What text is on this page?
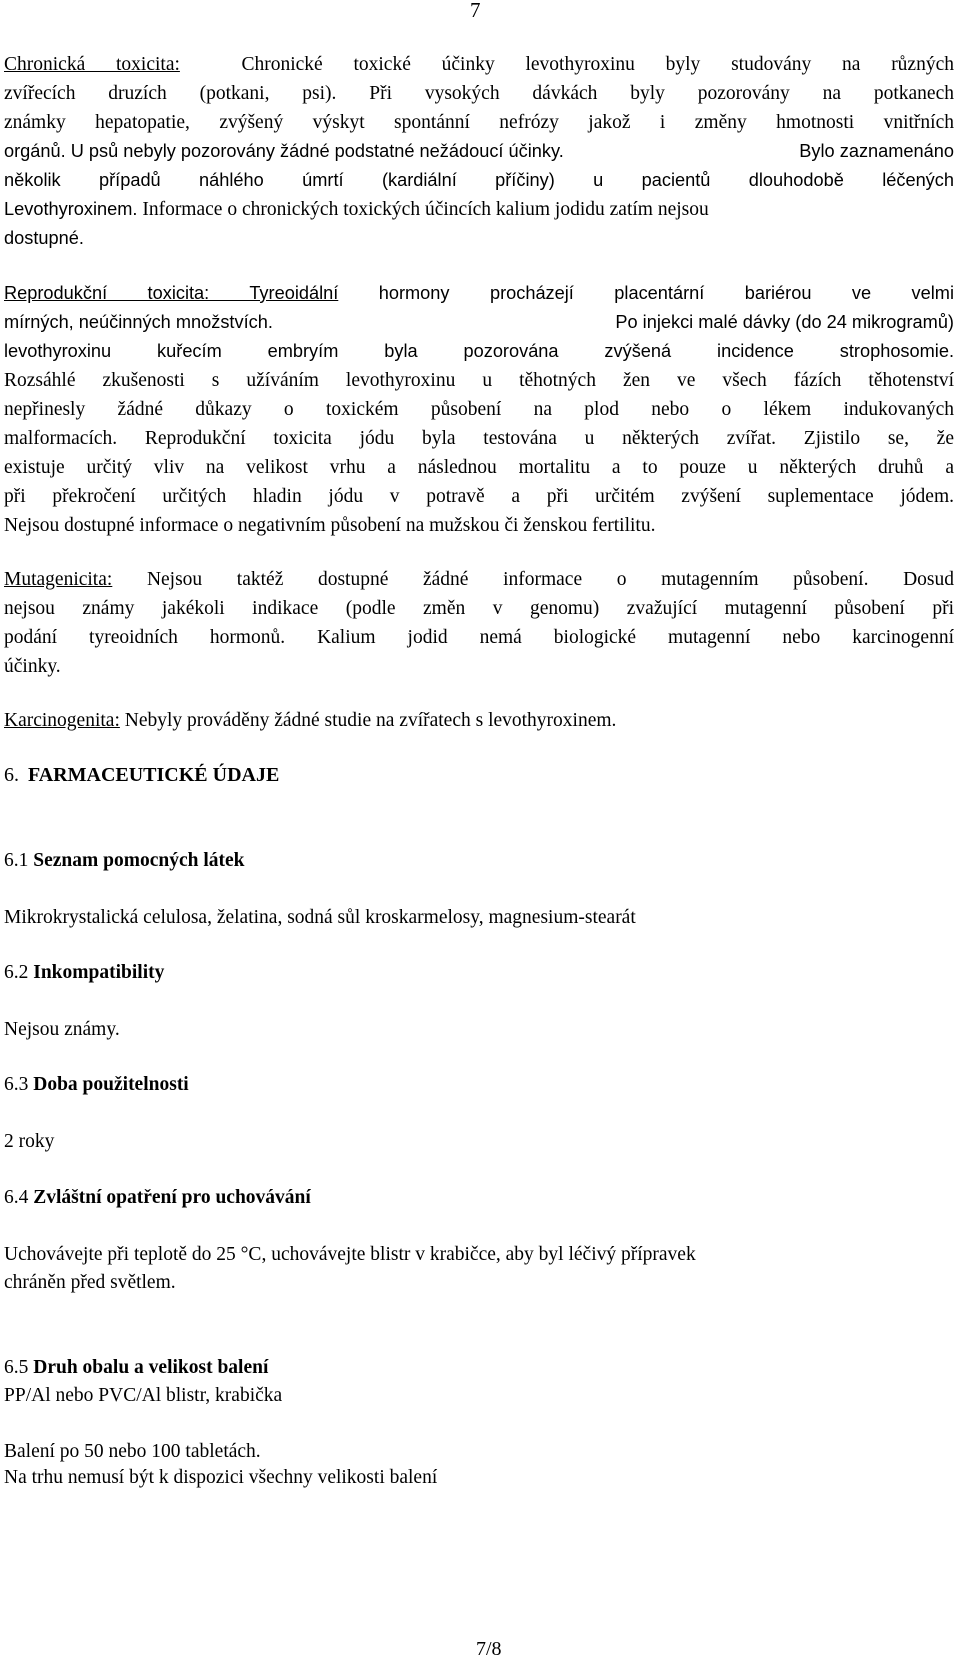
7
Chronická toxicita:	Chronické toxické účinky levothyroxinu byly studovány na různých
zvířecích druzích (potkani, psi). Při vysokých dávkách byly pozorovány na potkanech
známky hepatopatie, zvýšený výskyt spontánní nefrózy jakož i změny hmotnosti vnitřních
orgánů. U psů nebyly pozorovány žádné podstatné nežádoucí účinky.	Bylo zaznamenáno
několik případů náhlého úmrtí (kardiální příčiny) u pacientů dlouhodobě léčených
Levothyroxinem. Informace o chronických toxických účincích kalium jodidu zatím nejsou
dostupné.
Reprodukční toxicita: Tyreoidální hormony procházejí placentární bariérou ve velmi
mírných, neúčinných množstvích.	Po injekci malé dávky (do 24 mikrogramů)
levothyroxinu kuřecím embryím byla pozorována zvýšená incidence strophosomie.
Rozsáhlé zkušenosti s užíváním levothyroxinu u těhotných žen ve všech fázích těhotenství
nepřinesly žádné důkazy o toxickém působení na plod nebo o lékem indukovaných
malformacích. Reprodukční toxicita jódu byla testována u některých zvířat. Zjistilo se, že
existuje určitý vliv na velikost vrhu a následnou mortalitu a to pouze u některých druhů a
při překročení určitých hladin jódu v potravě a při určitém zvýšení suplementace jódem.
Nejsou dostupné informace o negativním působení na mužskou či ženskou fertilitu.
Mutagenicita: Nejsou taktéž dostupné žádné informace o mutagenním působení. Dosud
nejsou známy jakékoli indikace (podle změn v genomu) zvažující mutagenní působení při
podání tyreoidních hormonů. Kalium jodid nemá biologické mutagenní nebo karcinogenní
účinky.
Karcinogenita: Nebyly prováděny žádné studie na zvířatech s levothyroxinem.
6. FARMACEUTICKÉ ÚDAJE
6.1 Seznam pomocných látek
Mikrokrystalická celulosa, želatina, sodná sůl kroskarmelosy, magnesium-stearát
6.2 Inkompatibility
Nejsou známy.
6.3 Doba použitelnosti
2 roky
6.4 Zvláštní opatření pro uchovávání
Uchovávejte při teplotě do 25 °C, uchovávejte blistr v krabičce, aby byl léčivý přípravek
chráněn před světlem.
6.5 Druh obalu a velikost balení
PP/Al nebo PVC/Al blistr, krabička
Balení po 50 nebo 100 tabletách.
Na trhu nemusí být k dispozici všechny velikosti balení
7/8
